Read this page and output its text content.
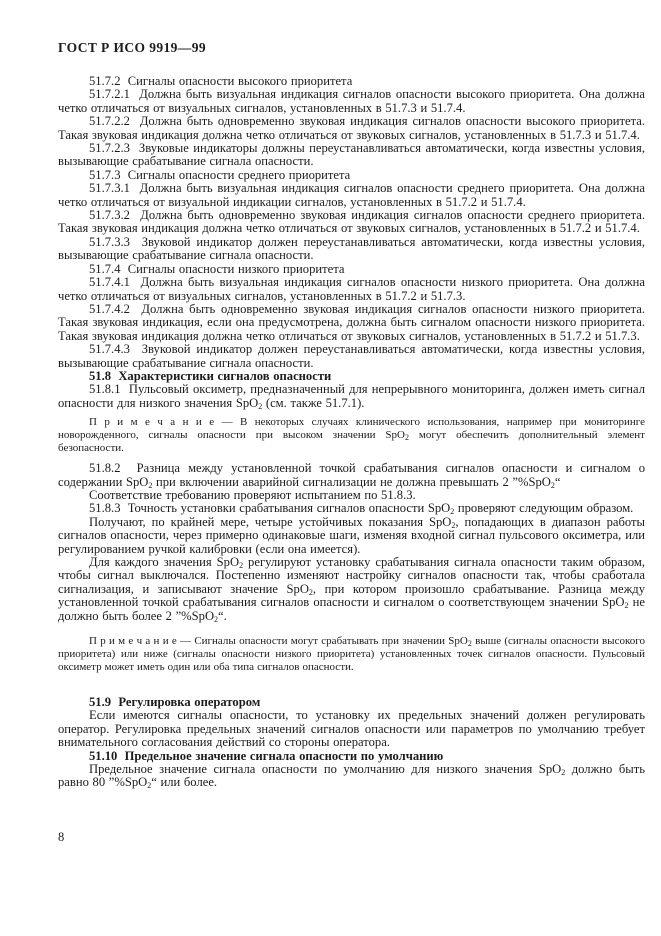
ГОСТ Р ИСО 9919—99

51.7.2  Сигналы опасности высокого приоритета

51.7.2.1  Должна быть визуальная индикация сигналов опасности высокого приоритета. Она должна четко отличаться от визуальных сигналов, установленных в 51.7.3 и 51.7.4.

51.7.2.2  Должна быть одновременно звуковая индикация сигналов опасности высокого приоритета. Такая звуковая индикация должна четко отличаться от звуковых сигналов, установленных в 51.7.3 и 51.7.4.

51.7.2.3  Звуковые индикаторы должны переустанавливаться автоматически, когда известны условия, вызывающие срабатывание сигнала опасности.

51.7.3  Сигналы опасности среднего приоритета

51.7.3.1  Должна быть визуальная индикация сигналов опасности среднего приоритета. Она должна четко отличаться от визуальной индикации сигналов, установленных в 51.7.2 и 51.7.4.

51.7.3.2  Должна быть одновременно звуковая индикация сигналов опасности среднего приоритета. Такая звуковая индикация должна четко отличаться от звуковых сигналов, установленных в 51.7.2 и 51.7.4.

51.7.3.3  Звуковой индикатор должен переустанавливаться автоматически, когда известны условия, вызывающие срабатывание сигнала опасности.

51.7.4  Сигналы опасности низкого приоритета

51.7.4.1  Должна быть визуальная индикация сигналов опасности низкого приоритета. Она должна четко отличаться от визуальных сигналов, установленных в 51.7.2 и 51.7.3.

51.7.4.2  Должна быть одновременно звуковая индикация сигналов опасности низкого приоритета. Такая звуковая индикация, если она предусмотрена, должна быть сигналом опасности низкого приоритета. Такая звуковая индикация должна четко отличаться от звуковых сигналов, установленных в 51.7.2 и 51.7.3.

51.7.4.3  Звуковой индикатор должен переустанавливаться автоматически, когда известны условия, вызывающие срабатывание сигнала опасности.

51.8  Характеристики сигналов опасности

51.8.1  Пульсовый оксиметр, предназначенный для непрерывного мониторинга, должен иметь сигнал опасности для низкого значения SpO$_2$ (см. также 51.7.1).

П р и м е ч а н и е — В некоторых случаях клинического использования, например при мониторинге новорожденного, сигналы опасности при высоком значении SpO$_2$ могут обеспечить дополнительный элемент безопасности.

51.8.2  Разница между установленной точкой срабатывания сигналов опасности и сигналом о содержании SpO$_2$ при включении аварийной сигнализации не должна превышать 2 ”%SpO$_2$“

Соответствие требованию проверяют испытанием по 51.8.3.

51.8.3  Точность установки срабатывания сигналов опасности SpO$_2$ проверяют следующим образом.

Получают, по крайней мере, четыре устойчивых показания SpO$_2$, попадающих в диапазон работы сигналов опасности, через примерно одинаковые шаги, изменяя входной сигнал пульсового оксиметра, или регулированием ручкой калибровки (если она имеется).

Для каждого значения SpO$_2$ регулируют установку срабатывания сигнала опасности таким образом, чтобы сигнал выключался. Постепенно изменяют настройку сигналов опасности так, чтобы сработала сигнализация, и записывают значение SpO$_2$, при котором произошло срабатывание. Разница между установленной точкой срабатывания сигналов опасности и сигналом о соответствующем значении SpO$_2$ не должно быть более 2 ”%SpO$_2$“.

П р и м е ч а н и е — Сигналы опасности могут срабатывать при значении SpO$_2$ выше (сигналы опасности высокого приоритета) или ниже (сигналы опасности низкого приоритета) установленных точек сигналов опасности. Пульсовый оксиметр может иметь один или оба типа сигналов опасности.

51.9  Регулировка оператором

Если имеются сигналы опасности, то установку их предельных значений должен регулировать оператор. Регулировка предельных значений сигналов опасности или параметров по умолчанию требует внимательного согласования действий со стороны оператора.

51.10  Предельное значение сигнала опасности по умолчанию

Предельное значение сигнала опасности по умолчанию для низкого значения SpO$_2$ должно быть равно 80 ”%SpO$_2$“ или более.

8
